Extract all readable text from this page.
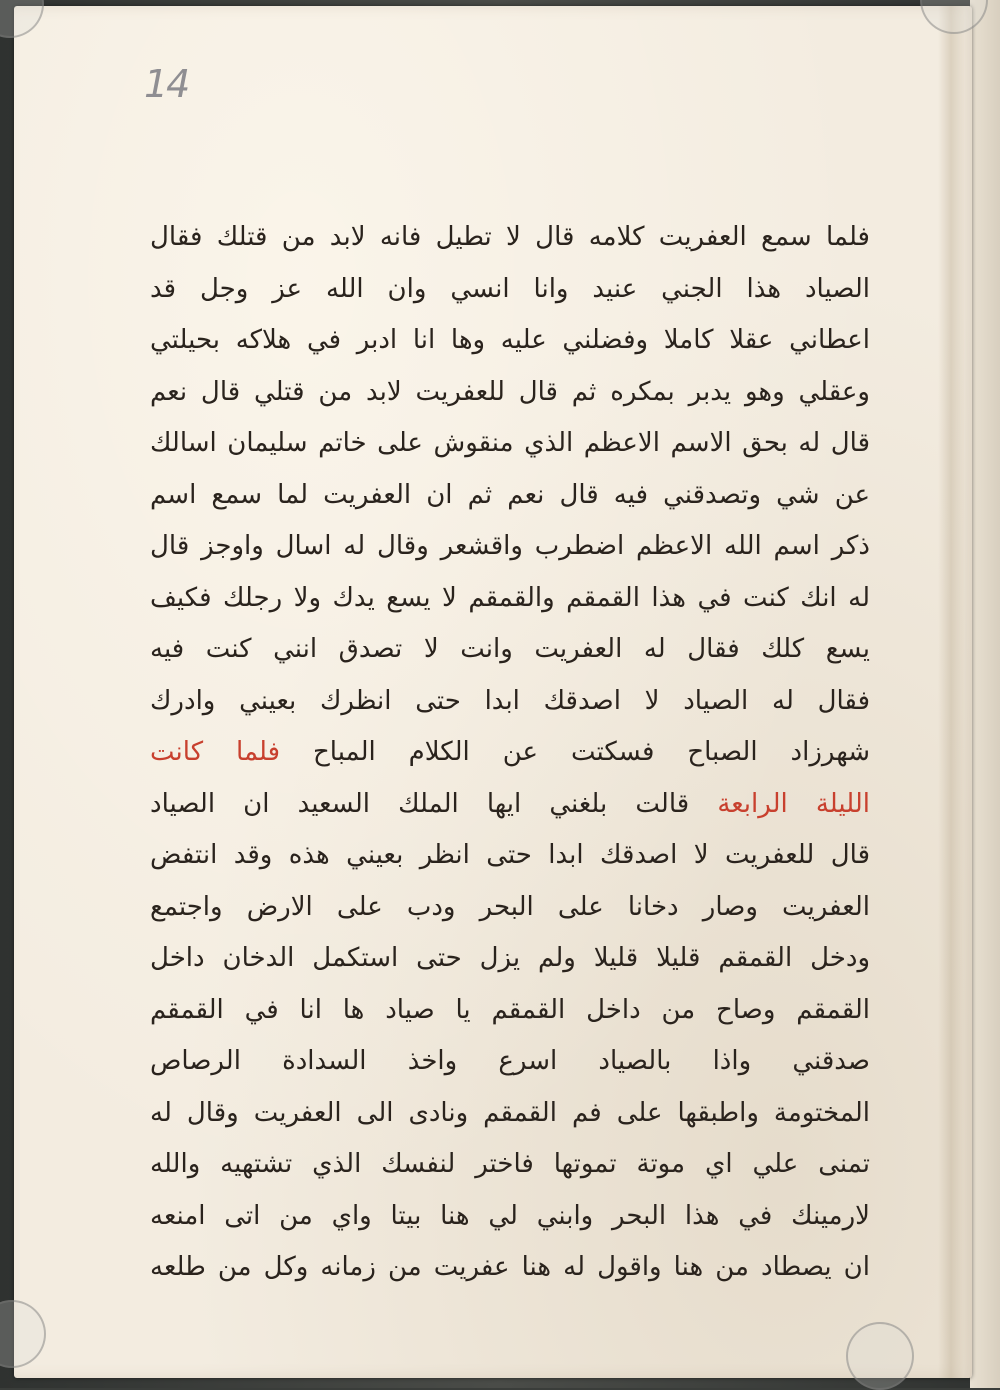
14
فلما سمع العفريت كلامه قال لا تطيل فانه لابد من قتلك فقال
الصياد هذا الجني عنيد وانا انسي وان الله عز وجل قد
اعطاني عقلا كاملا وفضلني عليه وها انا ادبر في هلاكه بحيلتي
وعقلي وهو يدبر بمكره ثم قال للعفريت لابد من قتلي قال نعم
قال له بحق الاسم الاعظم الذي منقوش على خاتم سليمان اسالك
عن شي وتصدقني فيه قال نعم ثم ان العفريت لما سمع اسم
ذكر اسم الله الاعظم اضطرب واقشعر وقال له اسال واوجز قال
له انك كنت في هذا القمقم والقمقم لا يسع يدك ولا رجلك فكيف
يسع كلك فقال له العفريت وانت لا تصدق انني كنت فيه
فقال له الصياد لا اصدقك ابدا حتى انظرك بعيني وادرك
شهرزاد الصباح فسكتت عن الكلام المباح فلما كانت
الليلة الرابعة قالت بلغني ايها الملك السعيد ان الصياد
قال للعفريت لا اصدقك ابدا حتى انظر بعيني هذه وقد انتفض
العفريت وصار دخانا على البحر ودب على الارض واجتمع
ودخل القمقم قليلا قليلا ولم يزل حتى استكمل الدخان داخل
القمقم وصاح من داخل القمقم يا صياد ها انا في القمقم
صدقني واذا بالصياد اسرع واخذ السدادة الرصاص
المختومة واطبقها على فم القمقم ونادى الى العفريت وقال له
تمنى علي اي موتة تموتها فاختر لنفسك الذي تشتهيه والله
لارمينك في هذا البحر وابني لي هنا بيتا واي من اتى امنعه
ان يصطاد من هنا واقول له هنا عفريت من زمانه وكل من طلعه
